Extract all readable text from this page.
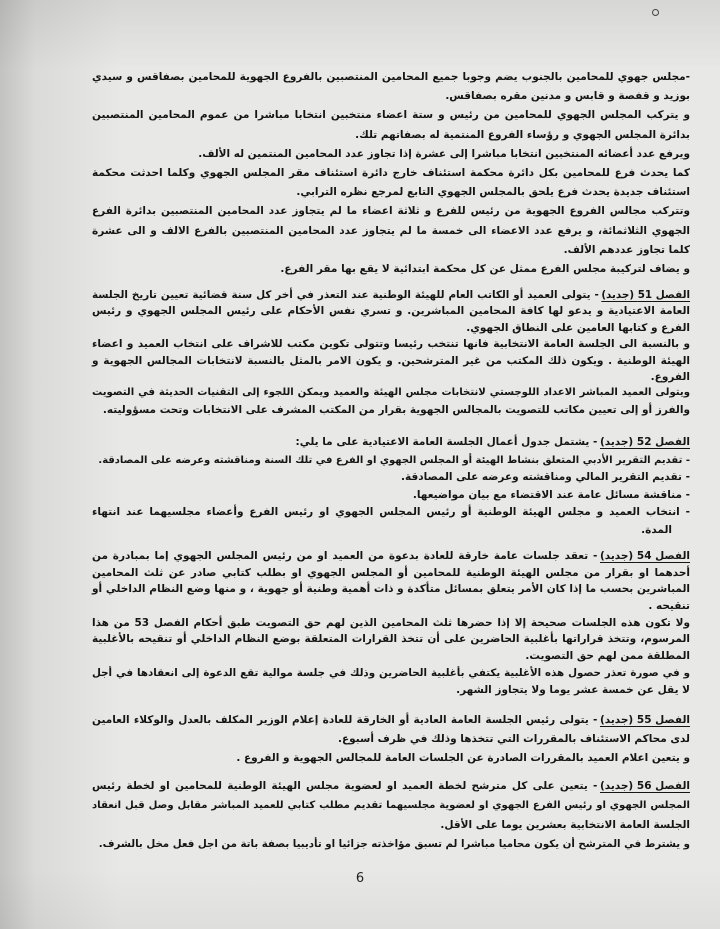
-مجلس جهوي للمحامين بالجنوب يضم وجوبا جميع المحامين المنتصبين بالفروع الجهوية للمحامين بصفاقس و سيدي
بوزيد و قفصة و قابس و مدنين مقره بصفاقس.
و يتركب المجلس الجهوي للمحامين من رئيس و ستة اعضاء منتخبين انتخابا مباشرا من عموم المحامين المنتصبين
بدائرة المجلس الجهوي و رؤساء الفروع المنتمية له بصفاتهم تلك.
ويرفع عدد أعضائه المنتخبين انتخابا مباشرا إلى عشرة إذا تجاوز عدد المحامين المنتمين له الألف.
كما يحدث فرع للمحامين بكل دائرة محكمة استئناف خارج دائرة استئناف مقر المجلس الجهوي وكلما احدثت محكمة
استئناف جديدة يحدث فرع يلحق بالمجلس الجهوي التابع لمرجع نظره الترابي.
وتتركب مجالس الفروع الجهوية من رئيس للفرع و ثلاثة اعضاء ما لم يتجاوز عدد المحامين المنتصبين بدائرة الفرع
الجهوي الثلاثمائة، و يرفع عدد الاعضاء الى خمسة ما لم يتجاوز عدد المحامين المنتصبين بالفرع الالف و الى عشرة
كلما تجاوز عددهم الألف.
و يضاف لتركيبة مجلس الفرع ممثل عن كل محكمة ابتدائية لا يقع بها مقر الفرع.
الفصل 51 (جديد)- يتولى العميد أو الكاتب العام للهيئة الوطنية عند التعذر في أخر كل سنة قضائية تعيين تاريخ الجلسة
العامة الاعتيادية و يدعو لها كافة المحامين المباشرين. و تسري نفس الأحكام على رئيس المجلس الجهوي و رئيس
الفرع و كتابها العامين على النطاق الجهوي.
و بالنسبة الى الجلسة العامة الانتخابية فانها تنتخب رئيسا وتتولى تكوين مكتب للاشراف على انتخاب العميد و اعضاء
الهيئة الوطنية . ويكون ذلك المكتب من غير المترشحين. و يكون الامر بالمثل بالنسبة لانتخابات المجالس الجهوية و
الفروع.
ويتولى العميد المباشر الاعداد اللوجستي لانتخابات مجلس الهيئة والعميد ويمكن اللجوء إلى التقنيات الحديثة في التصويت
والفرز أو إلى تعيين مكاتب للتصويت بالمجالس الجهوية بقرار من المكتب المشرف على الانتخابات وتحت مسؤوليته.
الفصل 52 (جديد)- يشتمل جدول أعمال الجلسة العامة الاعتيادية على ما يلي:
- تقديم التقرير الأدبي المتعلق بنشاط الهيئة أو المجلس الجهوي او الفرع في تلك السنة ومناقشته وعرضه على المصادقة.
- تقديم التقرير المالي ومناقشته وعرضه على المصادقة.
- مناقشة مسائل عامة عند الاقتضاء مع بيان مواضيعها.
- انتخاب العميد و مجلس الهيئة الوطنية أو رئيس المجلس الجهوي او رئيس الفرع وأعضاء مجلسيهما عند انتهاء
المدة.
الفصل 54 (جديد)- تعقد جلسات عامة خارقة للعادة بدعوة من العميد او من رئيس المجلس الجهوي إما بمبادرة من
أحدهما او بقرار من مجلس الهيئة الوطنية للمحامين أو المجلس الجهوي او بطلب كتابي صادر عن ثلث المحامين
المباشرين بحسب ما إذا كان الأمر يتعلق بمسائل متأكدة و ذات أهمية وطنية أو جهوية ، و منها وضع النظام الداخلي أو
تنقيحه .
ولا تكون هذه الجلسات صحيحة إلا إذا حضرها ثلث المحامين الذين لهم حق التصويت طبق أحكام الفصل 53 من هذا
المرسوم، وتتخذ قراراتها بأغلبية الحاضرين على أن تتخذ القرارات المتعلقة بوضع النظام الداخلي أو تنقيحه بالأغلبية
المطلقة ممن لهم حق التصويت.
و في صورة تعذر حصول هذه الأغلبية يكتفي بأغلبية الحاضرين وذلك في جلسة موالية تقع الدعوة إلى انعقادها في أجل
لا يقل عن خمسة عشر يوما ولا يتجاوز الشهر.
الفصل 55 (جديد)- يتولى رئيس الجلسة العامة العادية أو الخارقة للعادة إعلام الوزير المكلف بالعدل والوكلاء العامين
لدى محاكم الاستئناف بالمقررات التي تتخذها وذلك في ظرف أسبوع.
و يتعين اعلام العميد بالمقررات الصادرة عن الجلسات العامة للمجالس الجهوية و الفروع .
الفصل 56 (جديد)- يتعين على كل مترشح لخطة العميد او لعضوية مجلس الهيئة الوطنية للمحامين او لخطة رئيس
المجلس الجهوي او رئيس الفرع الجهوي او لعضوية مجلسيهما تقديم مطلب كتابي للعميد المباشر مقابل وصل قبل انعقاد
الجلسة العامة الانتخابية بعشرين يوما على الأقل.
و يشترط في المترشح أن يكون محاميا مباشرا لم تسبق مؤاخذته جزائيا او تأديبيا بصفة باتة من اجل فعل مخل بالشرف.
6
